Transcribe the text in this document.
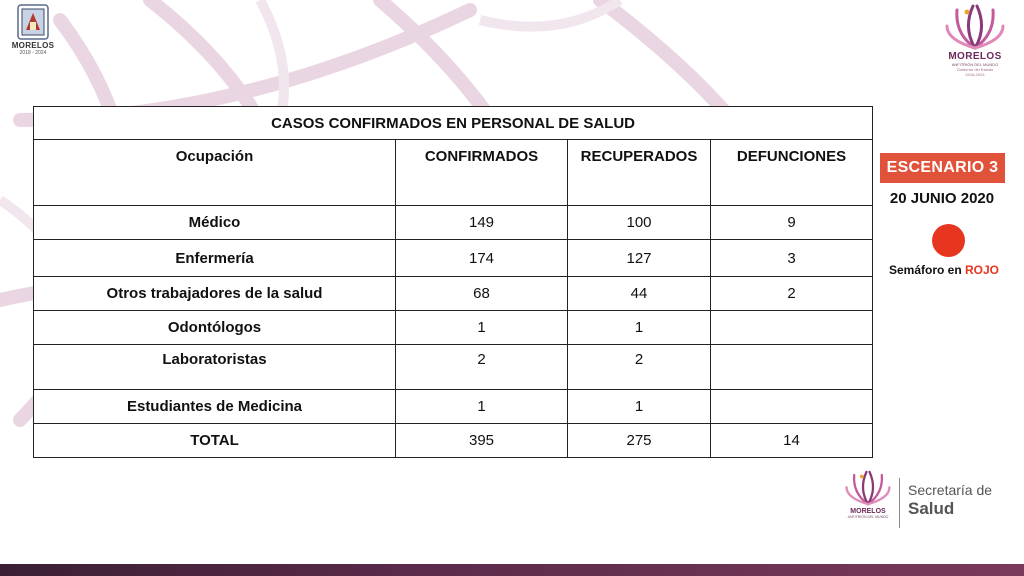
MORELOS
2018 - 2024	MORELOS
ANFITRIÓN DEL MUNDO
Gobierno del Estado
2018-2024
CASOS CONFIRMADOS EN PERSONAL DE SALUD			
Ocupación	CONFIRMADOS	RECUPERADOS	DEFUNCIONES
Médico	149	100	9
Enfermería	174	127	3
Otros trabajadores de la salud	68	44	2
Odontólogos	1	1	
Laboratoristas	2	2	
Estudiantes de Medicina	1	1	
TOTAL	395	275	14
ESCENARIO 3
20 JUNIO 2020
Semáforo en ROJO
MORELOS
ANFITRIÓN DEL MUNDO
Secretaría de
Salud
